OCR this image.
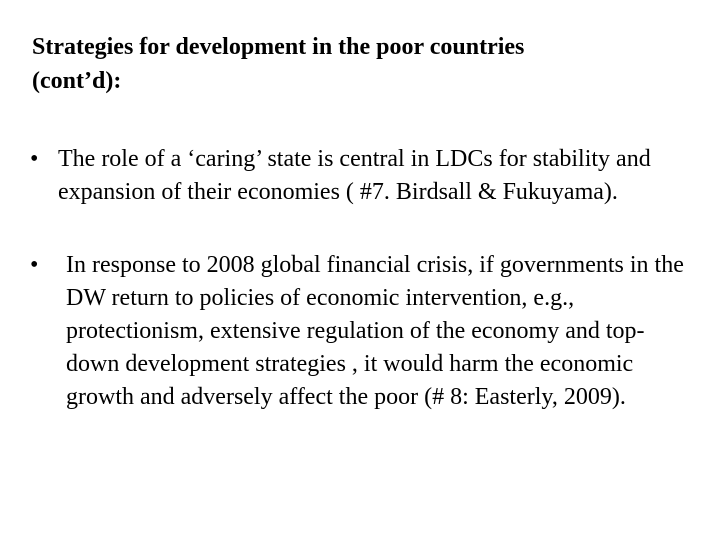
Strategies for development in the poor countries
(cont’d):
• The role of a ‘caring’ state is central in LDCs for stability and expansion of their economies ( #7. Birdsall & Fukuyama).
• In response to 2008 global financial crisis, if governments in the DW return to policies of economic intervention, e.g., protectionism, extensive regulation of the economy and top-down development strategies , it would harm the economic growth and adversely affect the poor (# 8: Easterly, 2009).
